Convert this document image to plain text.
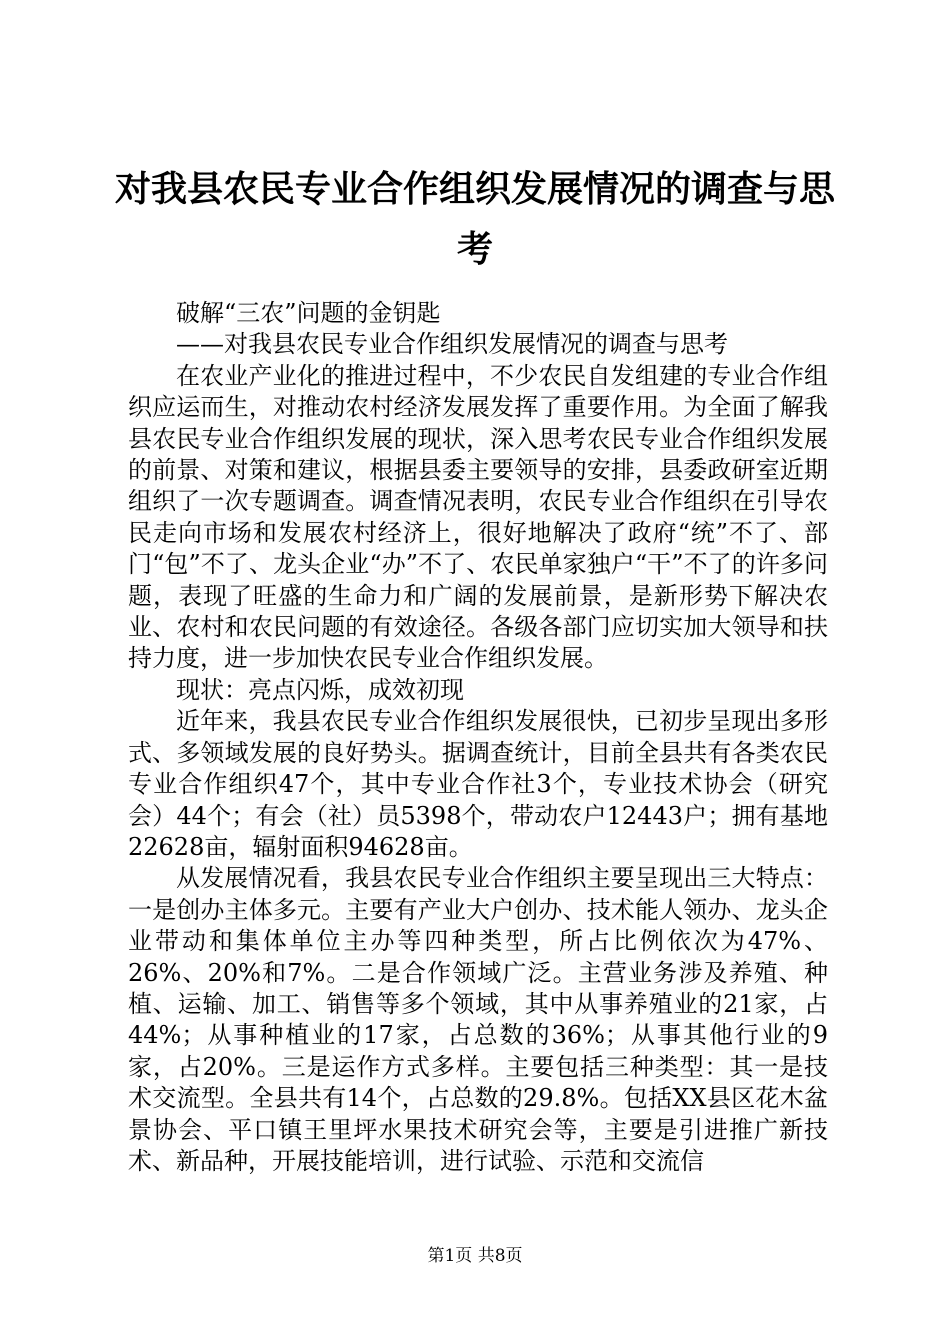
对我县农民专业合作组织发展情况的调查与思考

破解“三农”问题的金钥匙

——对我县农民专业合作组织发展情况的调查与思考

在农业产业化的推进过程中，不少农民自发组建的专业合作组织应运而生，对推动农村经济发展发挥了重要作用。为全面了解我县农民专业合作组织发展的现状，深入思考农民专业合作组织发展的前景、对策和建议，根据县委主要领导的安排，县委政研室近期组织了一次专题调查。调查情况表明，农民专业合作组织在引导农民走向市场和发展农村经济上，很好地解决了政府“统”不了、部门“包”不了、龙头企业“办”不了、农民单家独户“干”不了的许多问题，表现了旺盛的生命力和广阔的发展前景，是新形势下解决农业、农村和农民问题的有效途径。各级各部门应切实加大领导和扶持力度，进一步加快农民专业合作组织发展。

现状：亮点闪烁，成效初现

近年来，我县农民专业合作组织发展很快，已初步呈现出多形式、多领域发展的良好势头。据调查统计，目前全县共有各类农民专业合作组织47个，其中专业合作社3个，专业技术协会（研究会）44个；有会（社）员5398个，带动农户12443户；拥有基地22628亩，辐射面积94628亩。

从发展情况看，我县农民专业合作组织主要呈现出三大特点：一是创办主体多元。主要有产业大户创办、技术能人领办、龙头企业带动和集体单位主办等四种类型，所占比例依次为47%、26%、20%和7%。二是合作领域广泛。主营业务涉及养殖、种植、运输、加工、销售等多个领域，其中从事养殖业的21家，占44%；从事种植业的17家，占总数的36%；从事其他行业的9家，占20%。三是运作方式多样。主要包括三种类型：其一是技术交流型。全县共有14个，占总数的29.8%。包括XX县区花木盆景协会、平口镇王里坪水果技术研究会等，主要是引进推广新技术、新品种，开展技能培训，进行试验、示范和交流信

第1页 共8页
